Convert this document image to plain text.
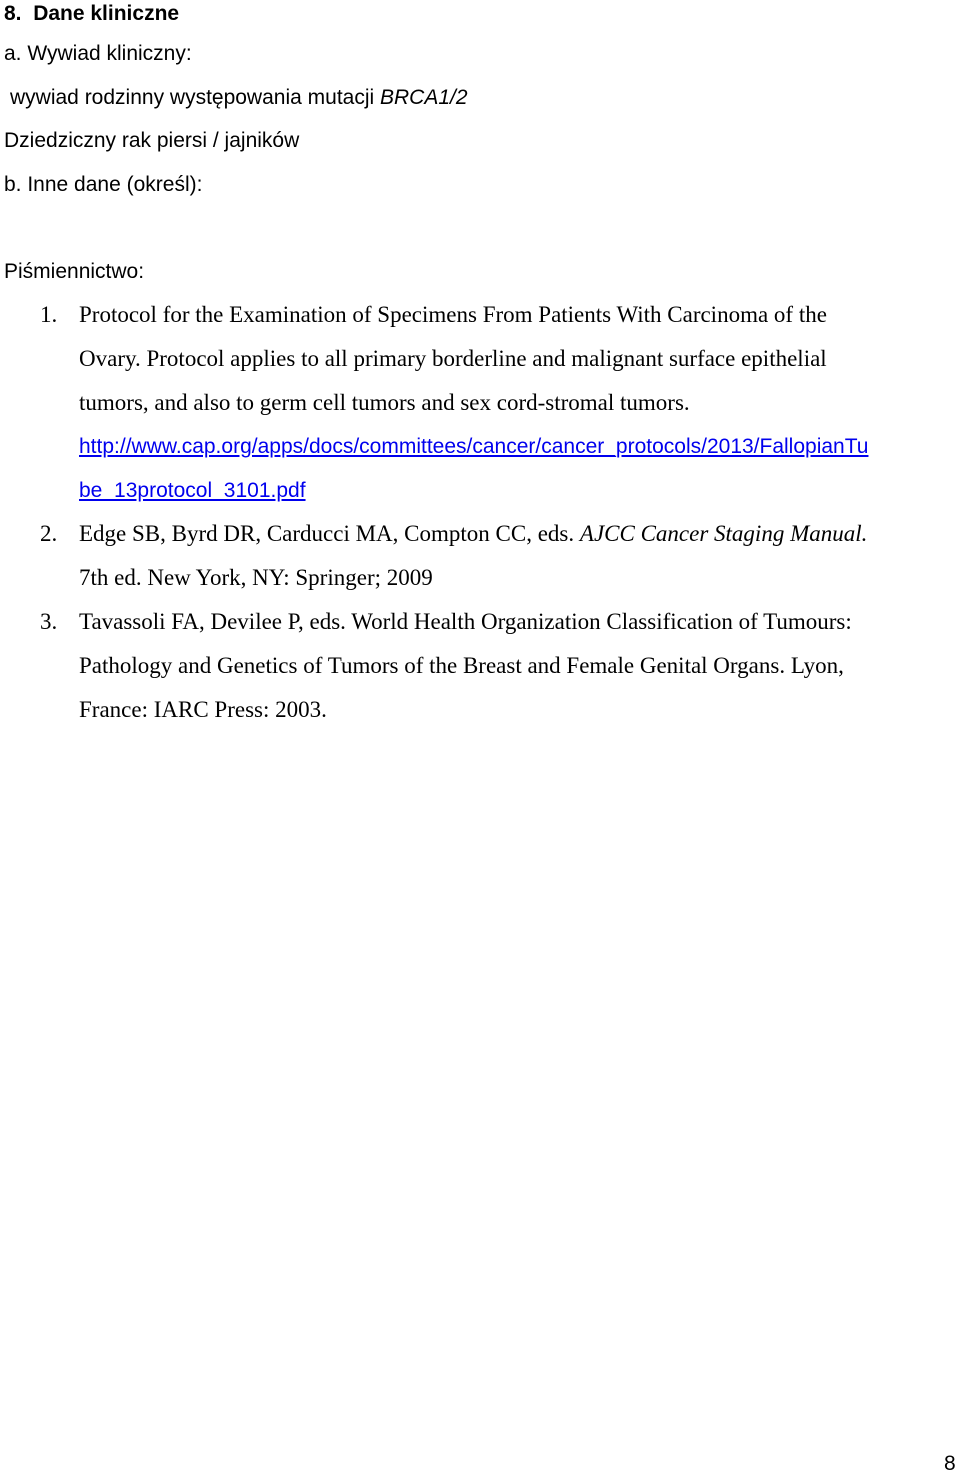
8. Dane kliniczne
a. Wywiad kliniczny:
wywiad rodzinny występowania mutacji BRCA1/2
Dziedziczny rak piersi / jajników
b. Inne dane (określ):
Piśmiennictwo:
1. Protocol for the Examination of Specimens From Patients With Carcinoma of the
Ovary. Protocol applies to all primary borderline and malignant surface epithelial
tumors, and also to germ cell tumors and sex cord-stromal tumors.
http://www.cap.org/apps/docs/committees/cancer/cancer_protocols/2013/FallopianTu
be_13protocol_3101.pdf
2. Edge SB, Byrd DR, Carducci MA, Compton CC, eds. AJCC Cancer Staging Manual.
7th ed. New York, NY: Springer; 2009
3. Tavassoli FA, Devilee P, eds. World Health Organization Classification of Tumours:
Pathology and Genetics of Tumors of the Breast and Female Genital Organs. Lyon,
France: IARC Press: 2003.
8
